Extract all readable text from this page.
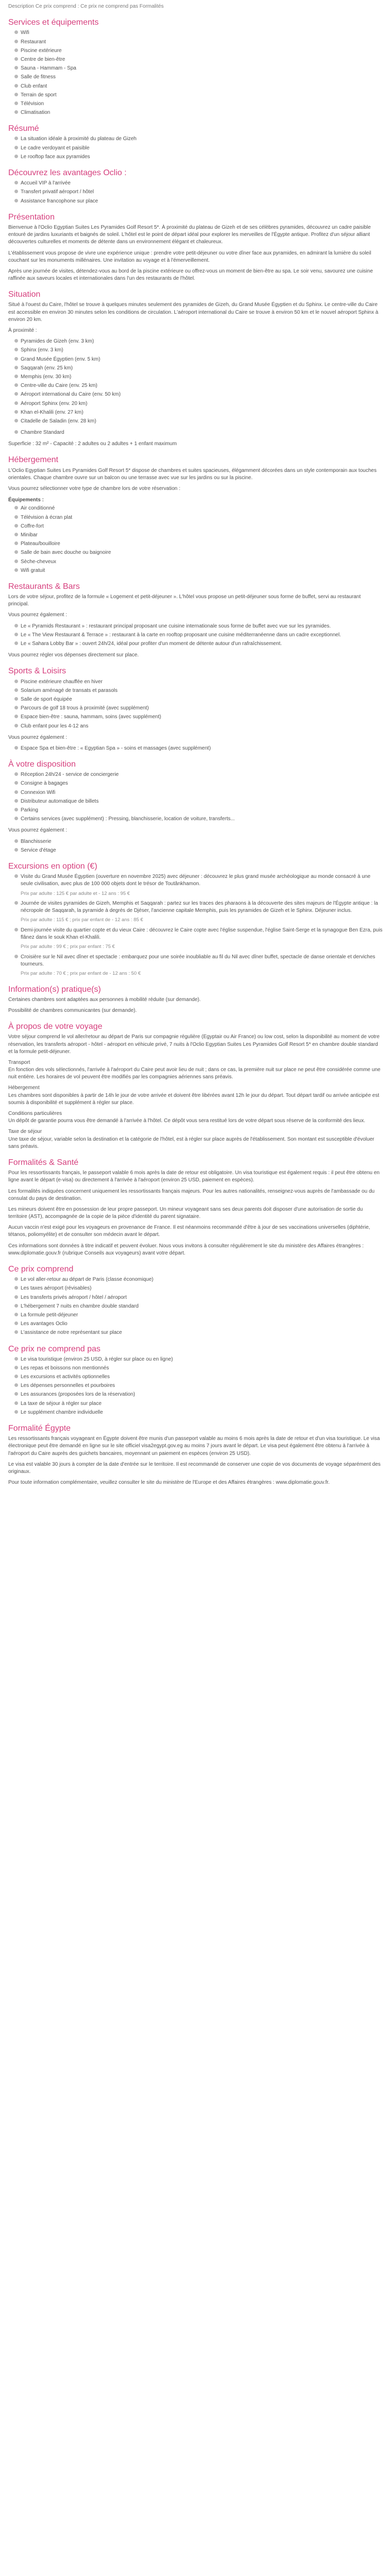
Description Ce prix comprend : Ce prix ne comprend pas Formalités

Services et équipements
Wifi
Restaurant
Piscine extérieure
Centre de bien-être
Sauna - Hammam - Spa
Salle de fitness
Club enfant
Terrain de sport
Télévision
Climatisation
Résumé
La situation idéale à proximité du plateau de Gizeh
Le cadre verdoyant et paisible
Le rooftop face aux pyramides
Découvrez les avantages Oclio :
Accueil VIP à l'arrivée
Transfert privatif aéroport / hôtel
Assistance francophone sur place
Présentation

Bienvenue à l'Oclio Egyptian Suites Les Pyramides Golf Resort 5*. À proximité du plateau de Gizeh et de ses célèbres pyramides, découvrez un cadre paisible entouré de jardins luxuriants et baignés de soleil. L'hôtel est le point de départ idéal pour explorer les merveilles de l'Égypte antique. Profitez d'un séjour alliant découvertes culturelles et moments de détente dans un environnement élégant et chaleureux.

L'établissement vous propose de vivre une expérience unique : prendre votre petit-déjeuner ou votre dîner face aux pyramides, en admirant la lumière du soleil couchant sur les monuments millénaires. Une invitation au voyage et à l'émerveillement.

Après une journée de visites, détendez-vous au bord de la piscine extérieure ou offrez-vous un moment de bien-être au spa. Le soir venu, savourez une cuisine raffinée aux saveurs locales et internationales dans l'un des restaurants de l'hôtel.

Situation

Situé à l'ouest du Caire, l'hôtel se trouve à quelques minutes seulement des pyramides de Gizeh, du Grand Musée Égyptien et du Sphinx. Le centre-ville du Caire est accessible en environ 30 minutes selon les conditions de circulation. L'aéroport international du Caire se trouve à environ 50 km et le nouvel aéroport Sphinx à environ 20 km.

À proximité :

Pyramides de Gizeh (env. 3 km)
Sphinx (env. 3 km)
Grand Musée Égyptien (env. 5 km)
Saqqarah (env. 25 km)
Memphis (env. 30 km)
Centre-ville du Caire (env. 25 km)
Aéroport international du Caire (env. 50 km)
Aéroport Sphinx (env. 20 km)
Khan el-Khalili (env. 27 km)
Citadelle de Saladin (env. 28 km)
Chambre Standard

Superficie : 32 m² - Capacité : 2 adultes ou 2 adultes + 1 enfant maximum

Hébergement

L'Oclio Egyptian Suites Les Pyramides Golf Resort 5* dispose de chambres et suites spacieuses, élégamment décorées dans un style contemporain aux touches orientales. Chaque chambre ouvre sur un balcon ou une terrasse avec vue sur les jardins ou sur la piscine.

Vous pourrez sélectionner votre type de chambre lors de votre réservation :

Équipements :
Air conditionné
Télévision à écran plat
Coffre-fort
Minibar
Plateau/bouilloire
Salle de bain avec douche ou baignoire
Sèche-cheveux
Wifi gratuit
Restaurants & Bars

Lors de votre séjour, profitez de la formule « Logement et petit-déjeuner ». L'hôtel vous propose un petit-déjeuner sous forme de buffet, servi au restaurant principal.

Vous pourrez également :

Le « Pyramids Restaurant » : restaurant principal proposant une cuisine internationale sous forme de buffet avec vue sur les pyramides.
Le « The View Restaurant & Terrace » : restaurant à la carte en rooftop proposant une cuisine méditerranéenne dans un cadre exceptionnel.
Le « Sahara Lobby Bar » : ouvert 24h/24, idéal pour profiter d'un moment de détente autour d'un rafraîchissement.

Vous pourrez régler vos dépenses directement sur place.

Sports & Loisirs
Piscine extérieure chauffée en hiver
Solarium aménagé de transats et parasols
Salle de sport équipée
Parcours de golf 18 trous à proximité (avec supplément)
Espace bien-être : sauna, hammam, soins (avec supplément)
Club enfant pour les 4-12 ans

Vous pourrez également :

Espace Spa et bien-être : « Egyptian Spa » - soins et massages (avec supplément)
À votre disposition
Réception 24h/24 - service de conciergerie
Consigne à bagages
Connexion Wifi
Distributeur automatique de billets
Parking
Certains services (avec supplément) : Pressing, blanchisserie, location de voiture, transferts...

Vous pourrez également :

Blanchisserie
Service d'étage
Excursions en option (€)
Visite du Grand Musée Égyptien (ouverture en novembre 2025) avec déjeuner : découvrez le plus grand musée archéologique au monde consacré à une seule civilisation, avec plus de 100 000 objets dont le trésor de Toutânkhamon.
Prix par adulte : 125 € par adulte et - 12 ans : 95 €
Journée de visites pyramides de Gizeh, Memphis et Saqqarah : partez sur les traces des pharaons à la découverte des sites majeurs de l'Égypte antique : la nécropole de Saqqarah, la pyramide à degrés de Djéser, l'ancienne capitale Memphis, puis les pyramides de Gizeh et le Sphinx. Déjeuner inclus.
Prix par adulte : 115 € ; prix par enfant de - 12 ans : 85 €
Demi-journée visite du quartier copte et du vieux Caire : découvrez le Caire copte avec l'église suspendue, l'église Saint-Serge et la synagogue Ben Ezra, puis flânez dans le souk Khan el-Khalili.
Prix par adulte : 99 € ; prix par enfant : 75 €
Croisière sur le Nil avec dîner et spectacle : embarquez pour une soirée inoubliable au fil du Nil avec dîner buffet, spectacle de danse orientale et derviches tourneurs.
Prix par adulte : 70 € ; prix par enfant de - 12 ans : 50 €
Information(s) pratique(s)

Certaines chambres sont adaptées aux personnes à mobilité réduite (sur demande).

Possibilité de chambres communicantes (sur demande).

À propos de votre voyage

Votre séjour comprend le vol aller/retour au départ de Paris sur compagnie régulière (Egyptair ou Air France) ou low cost, selon la disponibilité au moment de votre réservation, les transferts aéroport - hôtel - aéroport en véhicule privé, 7 nuits à l'Oclio Egyptian Suites Les Pyramides Golf Resort 5* en chambre double standard et la formule petit-déjeuner.

Transport
En fonction des vols sélectionnés, l'arrivée à l'aéroport du Caire peut avoir lieu de nuit ; dans ce cas, la première nuit sur place ne peut être considérée comme une nuit entière. Les horaires de vol peuvent être modifiés par les compagnies aériennes sans préavis.

Hébergement
Les chambres sont disponibles à partir de 14h le jour de votre arrivée et doivent être libérées avant 12h le jour du départ. Tout départ tardif ou arrivée anticipée est soumis à disponibilité et supplément à régler sur place.

Conditions particulières
Un dépôt de garantie pourra vous être demandé à l'arrivée à l'hôtel. Ce dépôt vous sera restitué lors de votre départ sous réserve de la conformité des lieux.

Taxe de séjour
Une taxe de séjour, variable selon la destination et la catégorie de l'hôtel, est à régler sur place auprès de l'établissement. Son montant est susceptible d'évoluer sans préavis.

Formalités & Santé

Pour les ressortissants français, le passeport valable 6 mois après la date de retour est obligatoire. Un visa touristique est également requis : il peut être obtenu en ligne avant le départ (e-visa) ou directement à l'arrivée à l'aéroport (environ 25 USD, paiement en espèces).

Les formalités indiquées concernent uniquement les ressortissants français majeurs. Pour les autres nationalités, renseignez-vous auprès de l'ambassade ou du consulat du pays de destination.

Les mineurs doivent être en possession de leur propre passeport. Un mineur voyageant sans ses deux parents doit disposer d'une autorisation de sortie du territoire (AST), accompagnée de la copie de la pièce d'identité du parent signataire.

Aucun vaccin n'est exigé pour les voyageurs en provenance de France. Il est néanmoins recommandé d'être à jour de ses vaccinations universelles (diphtérie, tétanos, poliomyélite) et de consulter son médecin avant le départ.

Ces informations sont données à titre indicatif et peuvent évoluer. Nous vous invitons à consulter régulièrement le site du ministère des Affaires étrangères : www.diplomatie.gouv.fr (rubrique Conseils aux voyageurs) avant votre départ.

Ce prix comprend
Le vol aller-retour au départ de Paris (classe économique)
Les taxes aéroport (révisables)
Les transferts privés aéroport / hôtel / aéroport
L'hébergement 7 nuits en chambre double standard
La formule petit-déjeuner
Les avantages Oclio
L'assistance de notre représentant sur place
Ce prix ne comprend pas
Le visa touristique (environ 25 USD, à régler sur place ou en ligne)
Les repas et boissons non mentionnés
Les excursions et activités optionnelles
Les dépenses personnelles et pourboires
Les assurances (proposées lors de la réservation)
La taxe de séjour à régler sur place
Le supplément chambre individuelle
Formalité Égypte

Les ressortissants français voyageant en Égypte doivent être munis d'un passeport valable au moins 6 mois après la date de retour et d'un visa touristique. Le visa électronique peut être demandé en ligne sur le site officiel visa2egypt.gov.eg au moins 7 jours avant le départ. Le visa peut également être obtenu à l'arrivée à l'aéroport du Caire auprès des guichets bancaires, moyennant un paiement en espèces (environ 25 USD).

Le visa est valable 30 jours à compter de la date d'entrée sur le territoire. Il est recommandé de conserver une copie de vos documents de voyage séparément des originaux.

Pour toute information complémentaire, veuillez consulter le site du ministère de l'Europe et des Affaires étrangères : www.diplomatie.gouv.fr.
